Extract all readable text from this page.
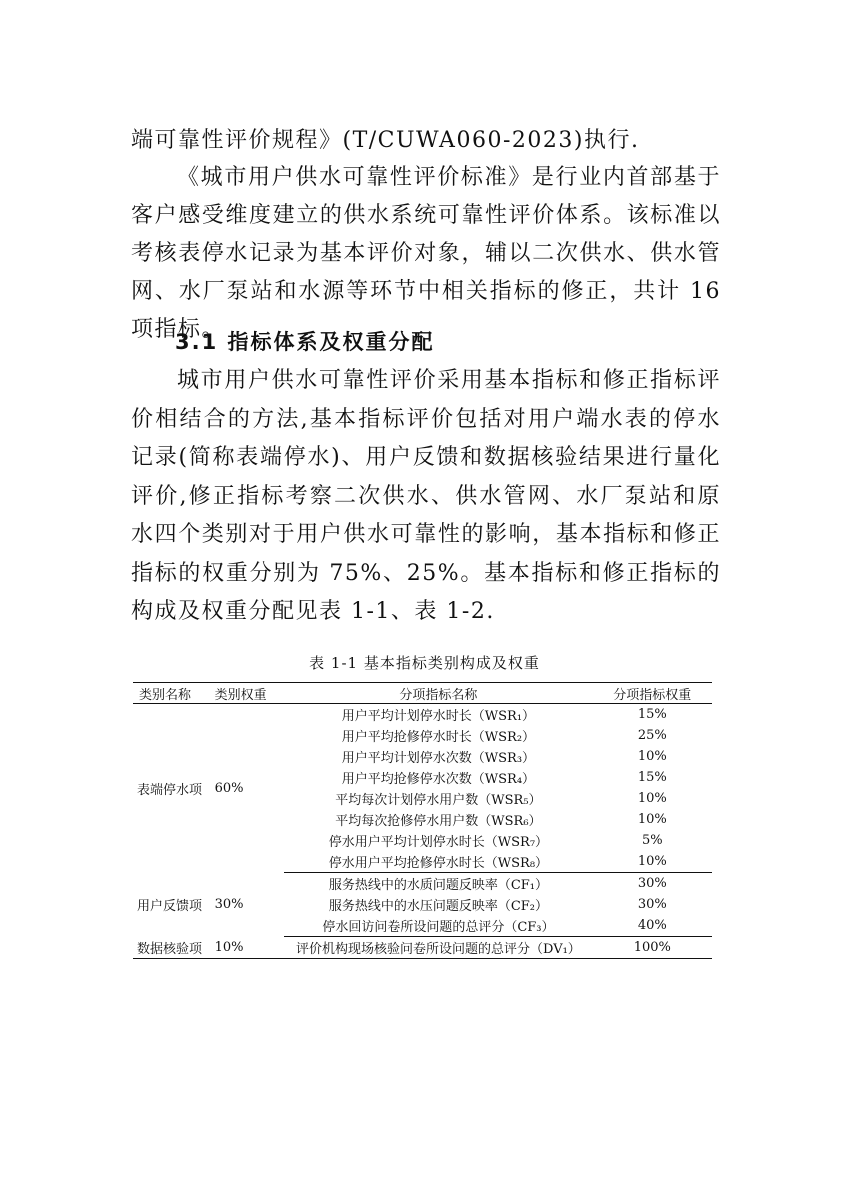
端可靠性评价规程》(T/CUWA060-2023)执行.

《城市用户供水可靠性评价标准》是行业内首部基于客户感受维度建立的供水系统可靠性评价体系。该标准以考核表停水记录为基本评价对象，辅以二次供水、供水管网、水厂泵站和水源等环节中相关指标的修正，共计 16 项指标。

3.1 指标体系及权重分配

城市用户供水可靠性评价采用基本指标和修正指标评价相结合的方法,基本指标评价包括对用户端水表的停水记录(简称表端停水)、用户反馈和数据核验结果进行量化评价,修正指标考察二次供水、供水管网、水厂泵站和原水四个类别对于用户供水可靠性的影响，基本指标和修正指标的权重分别为 75%、25%。基本指标和修正指标的构成及权重分配见表 1-1、表 1-2.

表 1-1 基本指标类别构成及权重
类别名称	类别权重	分项指标名称	分项指标权重
表端停水项	60%	用户平均计划停水时长（WSR₁）	15%
		用户平均抢修停水时长（WSR₂）	25%
		用户平均计划停水次数（WSR₃）	10%
		用户平均抢修停水次数（WSR₄）	15%
		平均每次计划停水用户数（WSR₅）	10%
		平均每次抢修停水用户数（WSR₆）	10%
		停水用户平均计划停水时长（WSR₇）	5%
		停水用户平均抢修停水时长（WSR₈）	10%
用户反馈项	30%	服务热线中的水质问题反映率（CF₁）	30%
		服务热线中的水压问题反映率（CF₂）	30%
		停水回访问卷所设问题的总评分（CF₃）	40%
数据核验项	10%	评价机构现场核验问卷所设问题的总评分（DV₁）	100%
